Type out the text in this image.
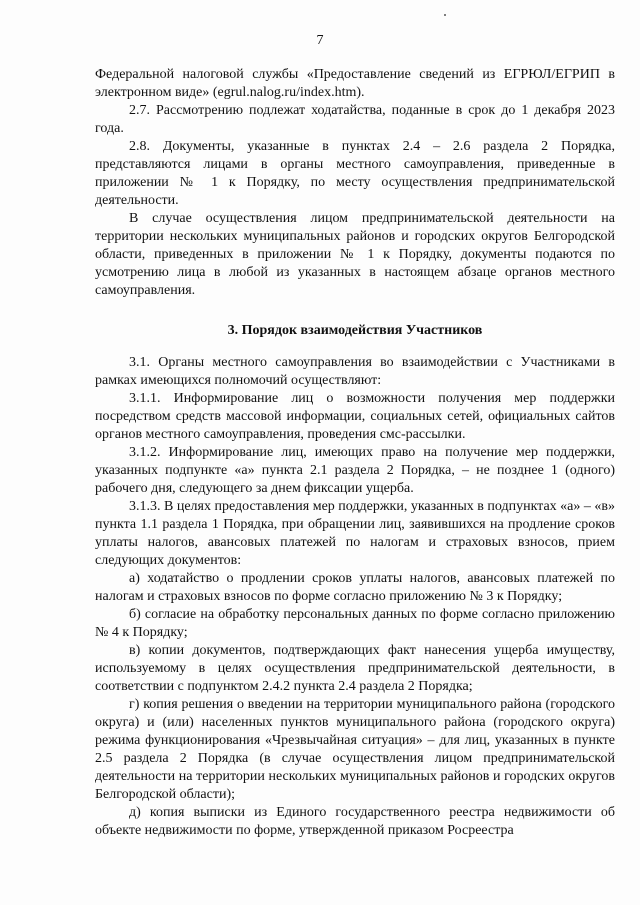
7

Федеральной налоговой службы «Предоставление сведений из ЕГРЮЛ/ЕГРИП в электронном виде» (egrul.nalog.ru/index.htm).

2.7. Рассмотрению подлежат ходатайства, поданные в срок до 1 декабря 2023 года.

2.8. Документы, указанные в пунктах 2.4 – 2.6 раздела 2 Порядка, представляются лицами в органы местного самоуправления, приведенные в приложении № 1 к Порядку, по месту осуществления предпринимательской деятельности.

В случае осуществления лицом предпринимательской деятельности на территории нескольких муниципальных районов и городских округов Белгородской области, приведенных в приложении № 1 к Порядку, документы подаются по усмотрению лица в любой из указанных в настоящем абзаце органов местного самоуправления.

3. Порядок взаимодействия Участников

3.1. Органы местного самоуправления во взаимодействии с Участниками в рамках имеющихся полномочий осуществляют:

3.1.1. Информирование лиц о возможности получения мер поддержки посредством средств массовой информации, социальных сетей, официальных сайтов органов местного самоуправления, проведения смс-рассылки.

3.1.2. Информирование лиц, имеющих право на получение мер поддержки, указанных подпункте «а» пункта 2.1 раздела 2 Порядка, – не позднее 1 (одного) рабочего дня, следующего за днем фиксации ущерба.

3.1.3. В целях предоставления мер поддержки, указанных в подпунктах «а» – «в» пункта 1.1 раздела 1 Порядка, при обращении лиц, заявившихся на продление сроков уплаты налогов, авансовых платежей по налогам и страховых взносов, прием следующих документов:

а) ходатайство о продлении сроков уплаты налогов, авансовых платежей по налогам и страховых взносов по форме согласно приложению № 3 к Порядку;

б) согласие на обработку персональных данных по форме согласно приложению № 4 к Порядку;

в) копии документов, подтверждающих факт нанесения ущерба имуществу, используемому в целях осуществления предпринимательской деятельности, в соответствии с подпунктом 2.4.2 пункта 2.4 раздела 2 Порядка;

г) копия решения о введении на территории муниципального района (городского округа) и (или) населенных пунктов муниципального района (городского округа) режима функционирования «Чрезвычайная ситуация» – для лиц, указанных в пункте 2.5 раздела 2 Порядка (в случае осуществления лицом предпринимательской деятельности на территории нескольких муниципальных районов и городских округов Белгородской области);

д) копия выписки из Единого государственного реестра недвижимости об объекте недвижимости по форме, утвержденной приказом Росреестра
